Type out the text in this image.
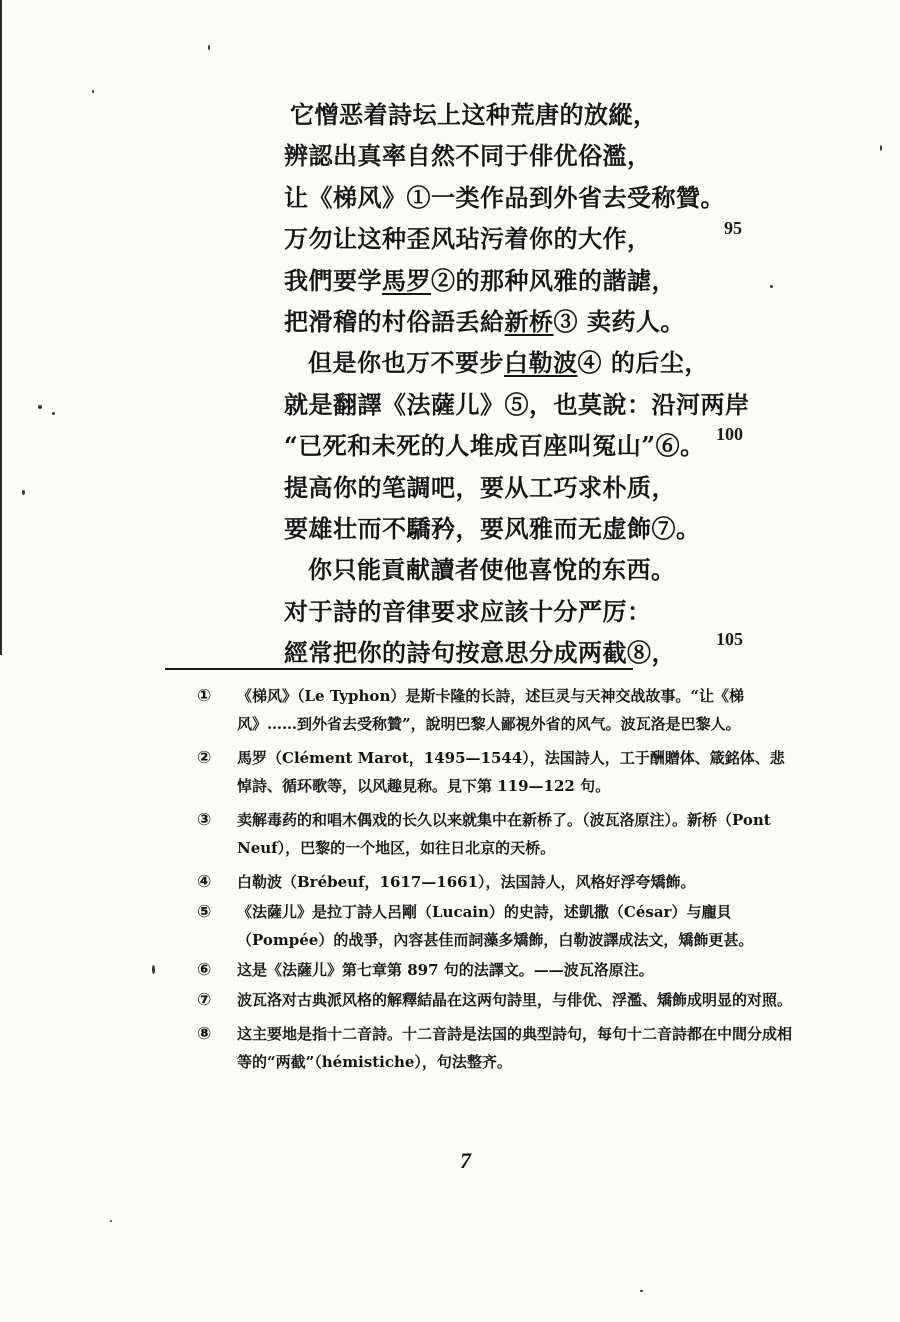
它憎恶着詩坛上这种荒唐的放縱，
辨認出真率自然不同于俳优俗濫，
让《梯风》①一类作品到外省去受称贊。
万勿让这种歪风玷污着你的大作，
我們要学馬罗②的那种风雅的諧謔，
把滑稽的村俗語丢給新桥③ 卖药人。
但是你也万不要步白勒波④ 的后尘，
就是翻譯《法薩儿》⑤，也莫說：沿河两岸
“已死和未死的人堆成百座叫冤山”⑥。
提高你的笔調吧，要从工巧求朴质，
要雄壮而不驕矜，要风雅而无虚飾⑦。
你只能貢献讀者使他喜悅的东西。
对于詩的音律要求应該十分严厉：
經常把你的詩句按意思分成两截⑧，
95
100
105
①	《梯风》（Le Typhon）是斯卡隆的长詩，述巨灵与天神交战故事。“让《梯风》……到外省去受称贊”，說明巴黎人鄙視外省的风气。波瓦洛是巴黎人。
②	馬罗（Clément Marot，1495—1544），法国詩人，工于酬贈体、箴銘体、悲悼詩、循环歌等，以风趣見称。見下第 119—122 句。
③	卖解毒药的和唱木偶戏的长久以来就集中在新桥了。（波瓦洛原注）。新桥（Pont Neuf），巴黎的一个地区，如往日北京的天桥。
④	白勒波（Brébeuf，1617—1661），法国詩人，风格好浮夸矯飾。
⑤	《法薩儿》是拉丁詩人呂剛（Lucain）的史詩，述凱撒（César）与龐貝（Pompée）的战爭，內容甚佳而詞藻多矯飾，白勒波譯成法文，矯飾更甚。
⑥	这是《法薩儿》第七章第 897 句的法譯文。——波瓦洛原注。
⑦	波瓦洛对古典派风格的解釋結晶在这两句詩里，与俳优、浮濫、矯飾成明显的对照。
⑧	这主要地是指十二音詩。十二音詩是法国的典型詩句，每句十二音詩都在中間分成相等的“两截”（hémistiche），句法整齐。
7
